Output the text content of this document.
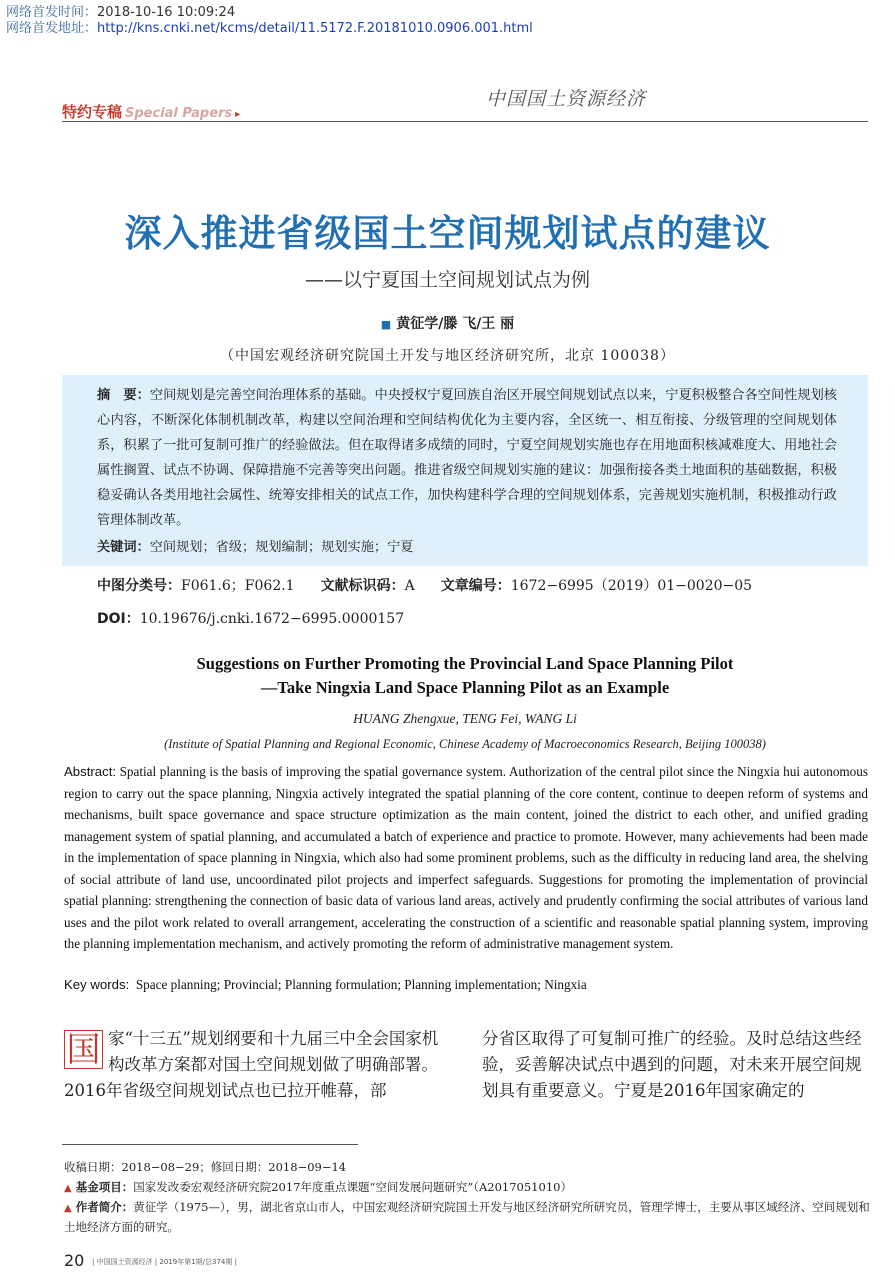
网络首发时间：2018-10-16 10:09:24
网络首发地址：http://kns.cnki.net/kcms/detail/11.5172.F.20181010.0906.001.html
特约专稿 Special Papers ▸
中国国土资源经济
深入推进省级国土空间规划试点的建议
——以宁夏国土空间规划试点为例
■ 黄征学/滕 飞/王 丽
（中国宏观经济研究院国土开发与地区经济研究所，北京 100038）
摘　要：空间规划是完善空间治理体系的基础。中央授权宁夏回族自治区开展空间规划试点以来，宁夏积极整合各空间性规划核心内容，不断深化体制机制改革，构建以空间治理和空间结构优化为主要内容，全区统一、相互衔接、分级管理的空间规划体系，积累了一批可复制可推广的经验做法。但在取得诸多成绩的同时，宁夏空间规划实施也存在用地面积核减难度大、用地社会属性搁置、试点不协调、保障措施不完善等突出问题。推进省级空间规划实施的建议：加强衔接各类土地面积的基础数据，积极稳妥确认各类用地社会属性、统筹安排相关的试点工作，加快构建科学合理的空间规划体系，完善规划实施机制，积极推动行政管理体制改革。
关键词：空间规划；省级；规划编制；规划实施；宁夏
中图分类号：F061.6；F062.1 文献标识码：A 文章编号：1672−6995（2019）01−0020−05
DOI：10.19676/j.cnki.1672−6995.0000157
Suggestions on Further Promoting the Provincial Land Space Planning Pilot
—Take Ningxia Land Space Planning Pilot as an Example
HUANG Zhengxue, TENG Fei, WANG Li
(Institute of Spatial Planning and Regional Economic, Chinese Academy of Macroeconomics Research, Beijing 100038)
Abstract: Spatial planning is the basis of improving the spatial governance system. Authorization of the central pilot since the Ningxia hui autonomous region to carry out the space planning, Ningxia actively integrated the spatial planning of the core content, continue to deepen reform of systems and mechanisms, built space governance and space structure optimization as the main content, joined the district to each other, and unified grading management system of spatial planning, and accumulated a batch of experience and practice to promote. However, many achievements had been made in the implementation of space planning in Ningxia, which also had some prominent problems, such as the difficulty in reducing land area, the shelving of social attribute of land use, uncoordinated pilot projects and imperfect safeguards. Suggestions for promoting the implementation of provincial spatial planning: strengthening the connection of basic data of various land areas, actively and prudently confirming the social attributes of various land uses and the pilot work related to overall arrangement, accelerating the construction of a scientific and reasonable spatial planning system, improving the planning implementation mechanism, and actively promoting the reform of administrative management system.
Key words: Space planning; Provincial; Planning formulation; Planning implementation; Ningxia
国 家“十三五”规划纲要和十九届三中全会国家机构改革方案都对国土空间规划做了明确部署。2016年省级空间规划试点也已拉开帷幕，部
分省区取得了可复制可推广的经验。及时总结这些经验，妥善解决试点中遇到的问题，对未来开展空间规划具有重要意义。宁夏是2016年国家确定的
收稿日期：2018−08−29；修回日期：2018−09−14
▲ 基金项目：国家发改委宏观经济研究院2017年度重点课题“空间发展问题研究”（A2017051010）
▲ 作者简介：黄征学（1975—），男，湖北省京山市人，中国宏观经济研究院国土开发与地区经济研究所研究员，管理学博士，主要从事区域经济、空间规划和土地经济方面的研究。
20 | 中国国土资源经济 | 2019年第1期/总374期 |
